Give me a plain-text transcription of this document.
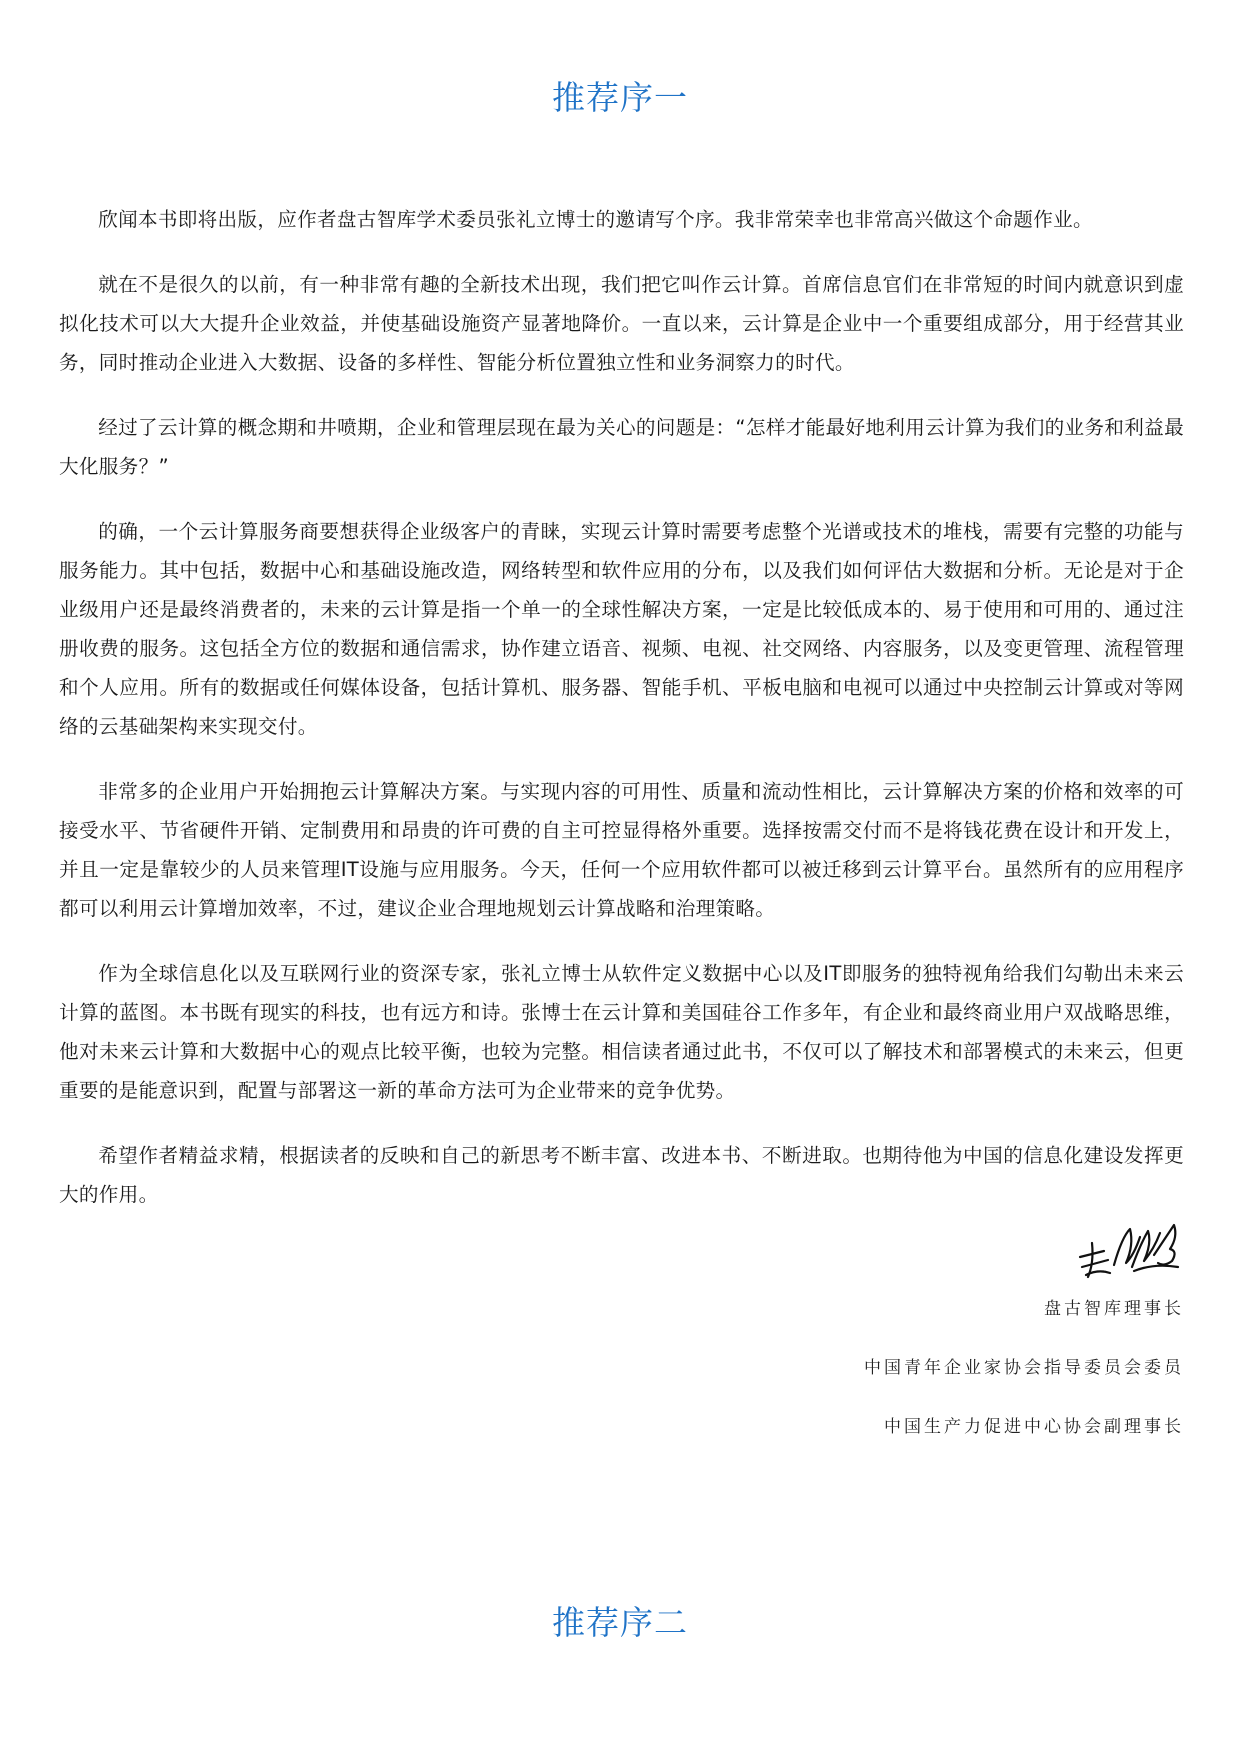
推荐序一

欣闻本书即将出版，应作者盘古智库学术委员张礼立博士的邀请写个序。我非常荣幸也非常高兴做这个命题作业。

就在不是很久的以前，有一种非常有趣的全新技术出现，我们把它叫作云计算。首席信息官们在非常短的时间内就意识到虚拟化技术可以大大提升企业效益，并使基础设施资产显著地降价。一直以来，云计算是企业中一个重要组成部分，用于经营其业务，同时推动企业进入大数据、设备的多样性、智能分析位置独立性和业务洞察力的时代。

经过了云计算的概念期和井喷期，企业和管理层现在最为关心的问题是：“怎样才能最好地利用云计算为我们的业务和利益最大化服务？”

的确，一个云计算服务商要想获得企业级客户的青睐，实现云计算时需要考虑整个光谱或技术的堆栈，需要有完整的功能与服务能力。其中包括，数据中心和基础设施改造，网络转型和软件应用的分布，以及我们如何评估大数据和分析。无论是对于企业级用户还是最终消费者的，未来的云计算是指一个单一的全球性解决方案，一定是比较低成本的、易于使用和可用的、通过注册收费的服务。这包括全方位的数据和通信需求，协作建立语音、视频、电视、社交网络、内容服务，以及变更管理、流程管理和个人应用。所有的数据或任何媒体设备，包括计算机、服务器、智能手机、平板电脑和电视可以通过中央控制云计算或对等网络的云基础架构来实现交付。

非常多的企业用户开始拥抱云计算解决方案。与实现内容的可用性、质量和流动性相比，云计算解决方案的价格和效率的可接受水平、节省硬件开销、定制费用和昂贵的许可费的自主可控显得格外重要。选择按需交付而不是将钱花费在设计和开发上，并且一定是靠较少的人员来管理IT设施与应用服务。今天，任何一个应用软件都可以被迁移到云计算平台。虽然所有的应用程序都可以利用云计算增加效率，不过，建议企业合理地规划云计算战略和治理策略。

作为全球信息化以及互联网行业的资深专家，张礼立博士从软件定义数据中心以及IT即服务的独特视角给我们勾勒出未来云计算的蓝图。本书既有现实的科技，也有远方和诗。张博士在云计算和美国硅谷工作多年，有企业和最终商业用户双战略思维，他对未来云计算和大数据中心的观点比较平衡，也较为完整。相信读者通过此书，不仅可以了解技术和部署模式的未来云，但更重要的是能意识到，配置与部署这一新的革命方法可为企业带来的竞争优势。

希望作者精益求精，根据读者的反映和自己的新思考不断丰富、改进本书、不断进取。也期待他为中国的信息化建设发挥更大的作用。

盘古智库理事长

中国青年企业家协会指导委员会委员

中国生产力促进中心协会副理事长

推荐序二
